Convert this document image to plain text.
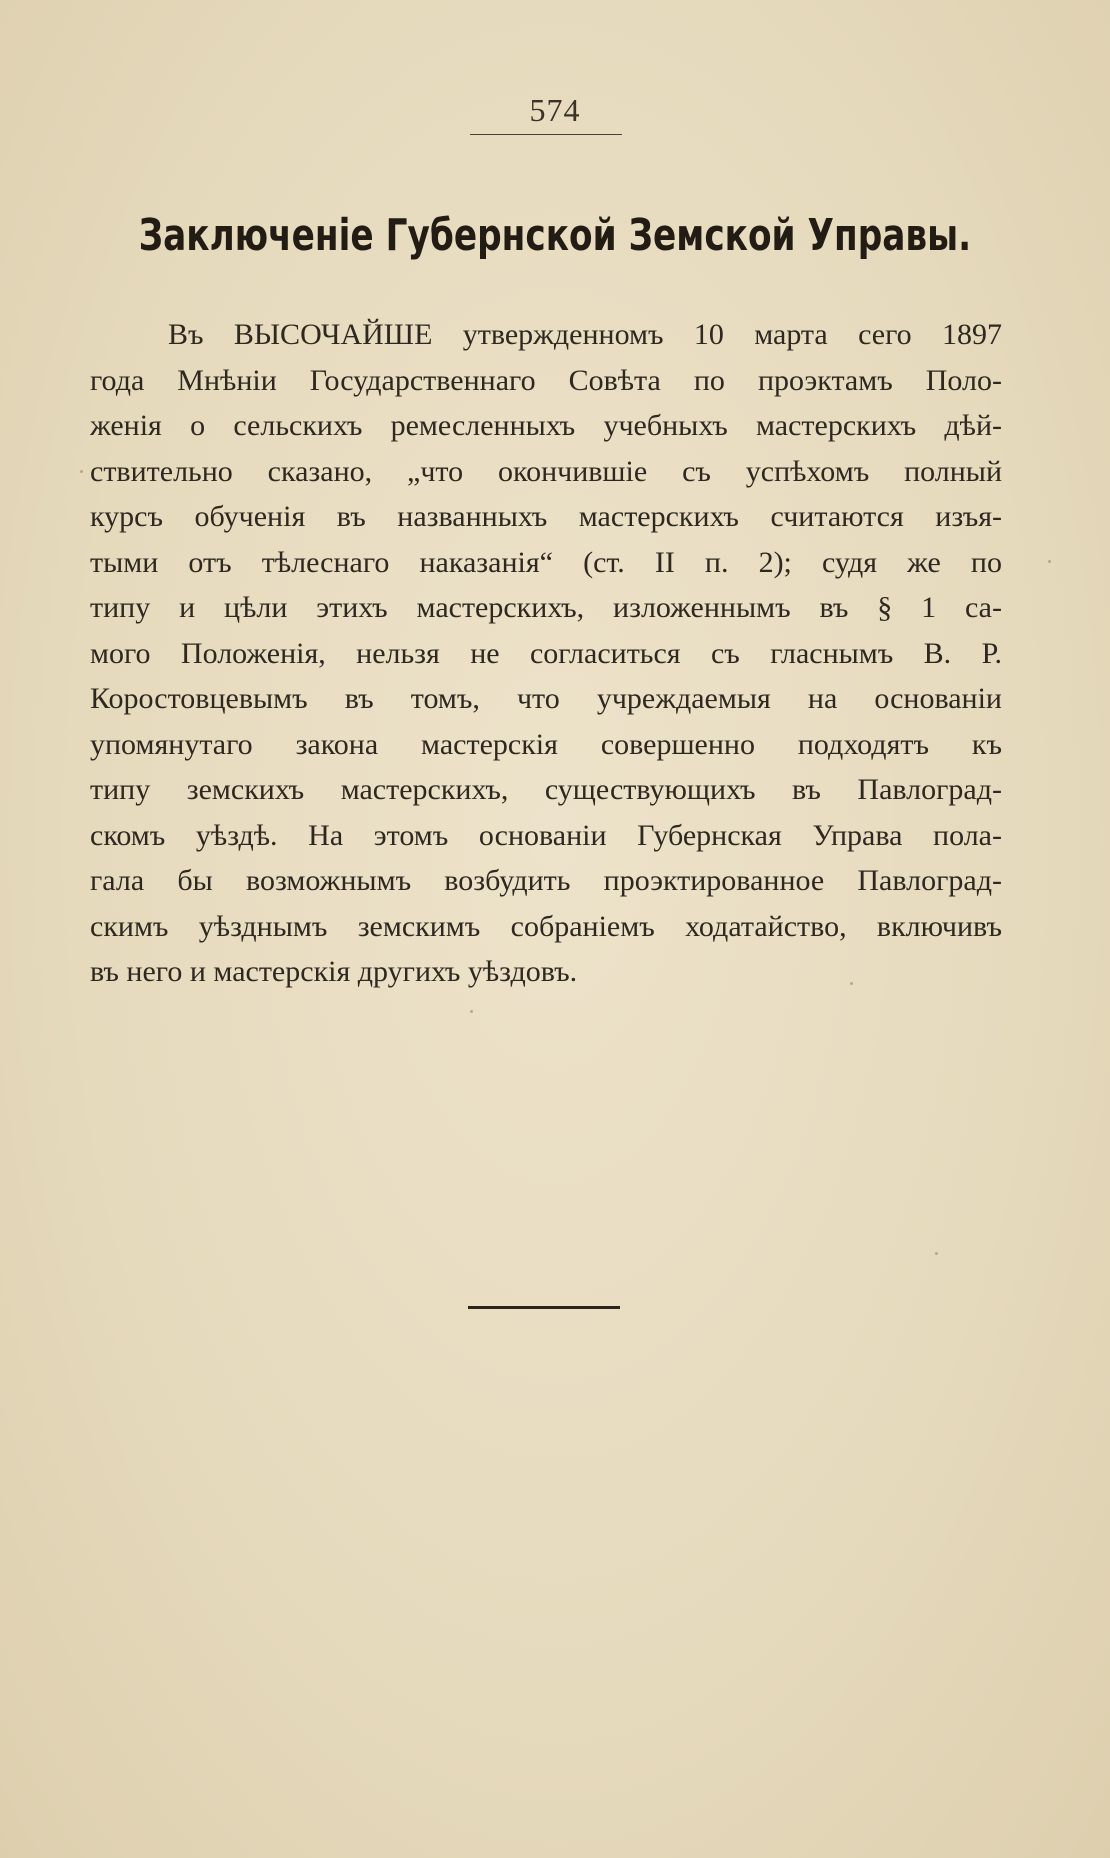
574
Заключеніе Губернской Земской Управы.
Въ ВЫСОЧАЙШЕ утвержденномъ 10 марта сего 1897
года Мнѣніи Государственнаго Совѣта по проэктамъ Поло-
женія о сельскихъ ремесленныхъ учебныхъ мастерскихъ дѣй-
ствительно сказано, „что окончившіе съ успѣхомъ полный
курсъ обученія въ названныхъ мастерскихъ считаются изъя-
тыми отъ тѣлеснаго наказанія“ (ст. II п. 2); судя же по
типу и цѣли этихъ мастерскихъ, изложеннымъ въ § 1 са-
мого Положенія, нельзя не согласиться съ гласнымъ В. Р.
Коростовцевымъ въ томъ, что учреждаемыя на основаніи
упомянутаго закона мастерскія совершенно подходятъ къ
типу земскихъ мастерскихъ, существующихъ въ Павлоград-
скомъ уѣздѣ. На этомъ основаніи Губернская Управа пола-
гала бы возможнымъ возбудить проэктированное Павлоград-
скимъ уѣзднымъ земскимъ собраніемъ ходатайство, включивъ
въ него и мастерскія другихъ уѣздовъ.
